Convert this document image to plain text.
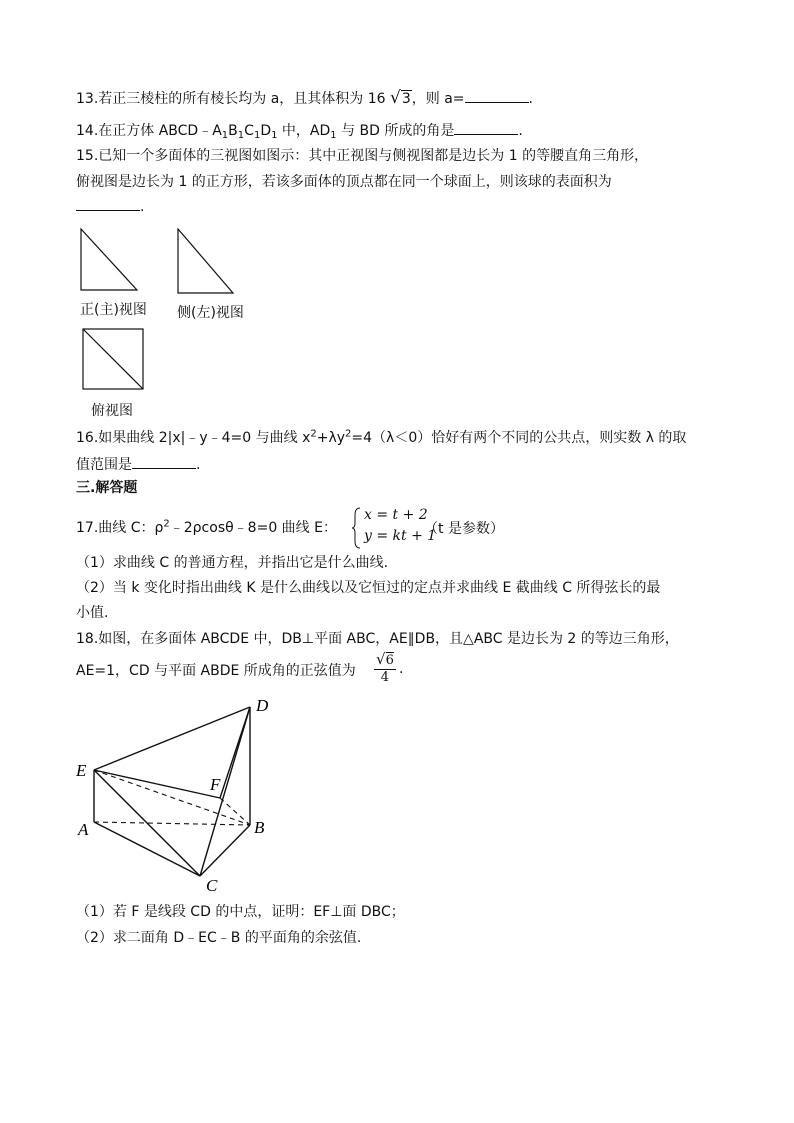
13.若正三棱柱的所有棱长均为 a，且其体积为 16 √3，则 a=	.
14.在正方体 $ABCD﹣A_1B_1C_1D_1$ 中，$AD_1$ 与 BD 所成的角是	.
15.已知一个多面体的三视图如图示：其中正视图与侧视图都是边长为 1 的等腰直角三角形，
俯视图是边长为 1 的正方形，若该多面体的顶点都在同一个球面上，则该球的表面积为
.
正(主)视图 侧(左)视图
俯视图
16.如果曲线 2|x|﹣y﹣4=0 与曲线 $x^2+\lambda y^2=4(\lambda<0)$恰好有两个不同的公共点，则实数 λ 的取
值范围是	.
三.解答题
17.曲线 C：$\rho^2﹣2\rho\cos\theta﹣8=0$ 曲线 E：
x = t + 2
y = kt + 1
（t 是参数）
（1）求曲线 C 的普通方程，并指出它是什么曲线.
（2）当 k 变化时指出曲线 K 是什么曲线以及它恒过的定点并求曲线 E 截曲线 C 所得弦长的最
小值.
18.如图，在多面体 ABCDE 中，DB⊥平面 ABC，AE∥DB，且△ABC 是边长为 2 的等边三角形，
AE=1，CD 与平面 ABDE 所成角的正弦值为 $\frac{√6}{4}$ .
D
E
F
A	B
C
（1）若 F 是线段 CD 的中点，证明：EF⊥面 DBC；
（2）求二面角 D﹣EC﹣B 的平面角的余弦值.
